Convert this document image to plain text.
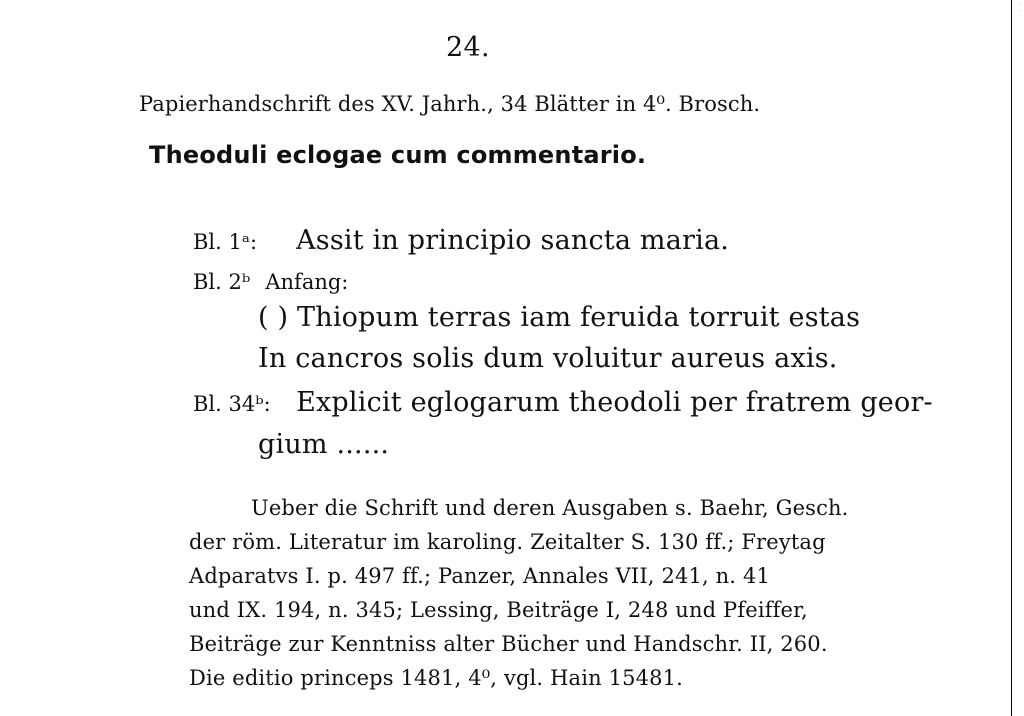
24.
Papierhandschrift des XV. Jahrh., 34 Blätter in 4⁰. Brosch.
Theoduli eclogae cum commentario.
Bl. 1ᵃ: Assit in principio sancta maria.
Bl. 2ᵇ Anfang:
( ) Thiopum terras iam feruida torruit estas
In cancros solis dum voluitur aureus axis.
Bl. 34ᵇ: Explicit eglogarum theodoli per fratrem geor-
gium ......
Ueber die Schrift und deren Ausgaben s. Baehr, Gesch.
der röm. Literatur im karoling. Zeitalter S. 130 ff.; Freytag
Adparatvs I. p. 497 ff.; Panzer, Annales VII, 241, n. 41
und IX. 194, n. 345; Lessing, Beiträge I, 248 und Pfeiffer,
Beiträge zur Kenntniss alter Bücher und Handschr. II, 260.
Die editio princeps 1481, 4⁰, vgl. Hain 15481.
· ·
